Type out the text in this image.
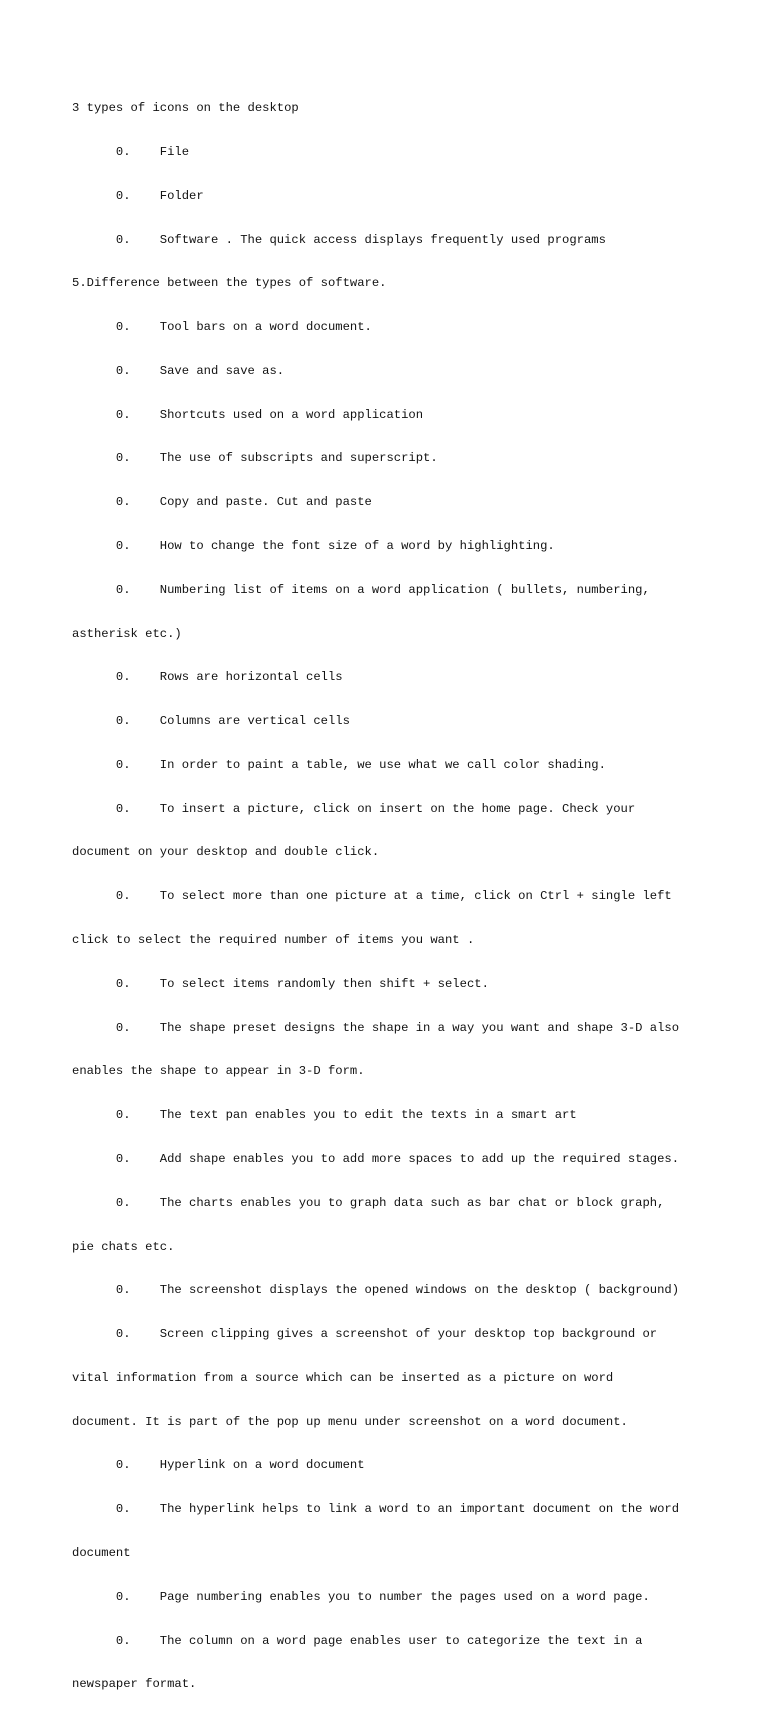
3 types of icons on the desktop

0.    File

0.    Folder

0.    Software . The quick access displays frequently used programs

5.Difference between the types of software.

0.    Tool bars on a word document.

0.    Save and save as.

0.    Shortcuts used on a word application

0.    The use of subscripts and superscript.

0.    Copy and paste. Cut and paste

0.    How to change the font size of a word by highlighting.

0.    Numbering list of items on a word application ( bullets, numbering,

astherisk etc.)

0.    Rows are horizontal cells

0.    Columns are vertical cells

0.    In order to paint a table, we use what we call color shading.

0.    To insert a picture, click on insert on the home page. Check your

document on your desktop and double click.

0.    To select more than one picture at a time, click on Ctrl + single left

click to select the required number of items you want .

0.    To select items randomly then shift + select.

0.    The shape preset designs the shape in a way you want and shape 3-D also

enables the shape to appear in 3-D form.

0.    The text pan enables you to edit the texts in a smart art

0.    Add shape enables you to add more spaces to add up the required stages.

0.    The charts enables you to graph data such as bar chat or block graph,

pie chats etc.

0.    The screenshot displays the opened windows on the desktop ( background)

0.    Screen clipping gives a screenshot of your desktop top background or

vital information from a source which can be inserted as a picture on word

document. It is part of the pop up menu under screenshot on a word document.

0.    Hyperlink on a word document

0.    The hyperlink helps to link a word to an important document on the word

document

0.    Page numbering enables you to number the pages used on a word page.

0.    The column on a word page enables user to categorize the text in a

newspaper format.
